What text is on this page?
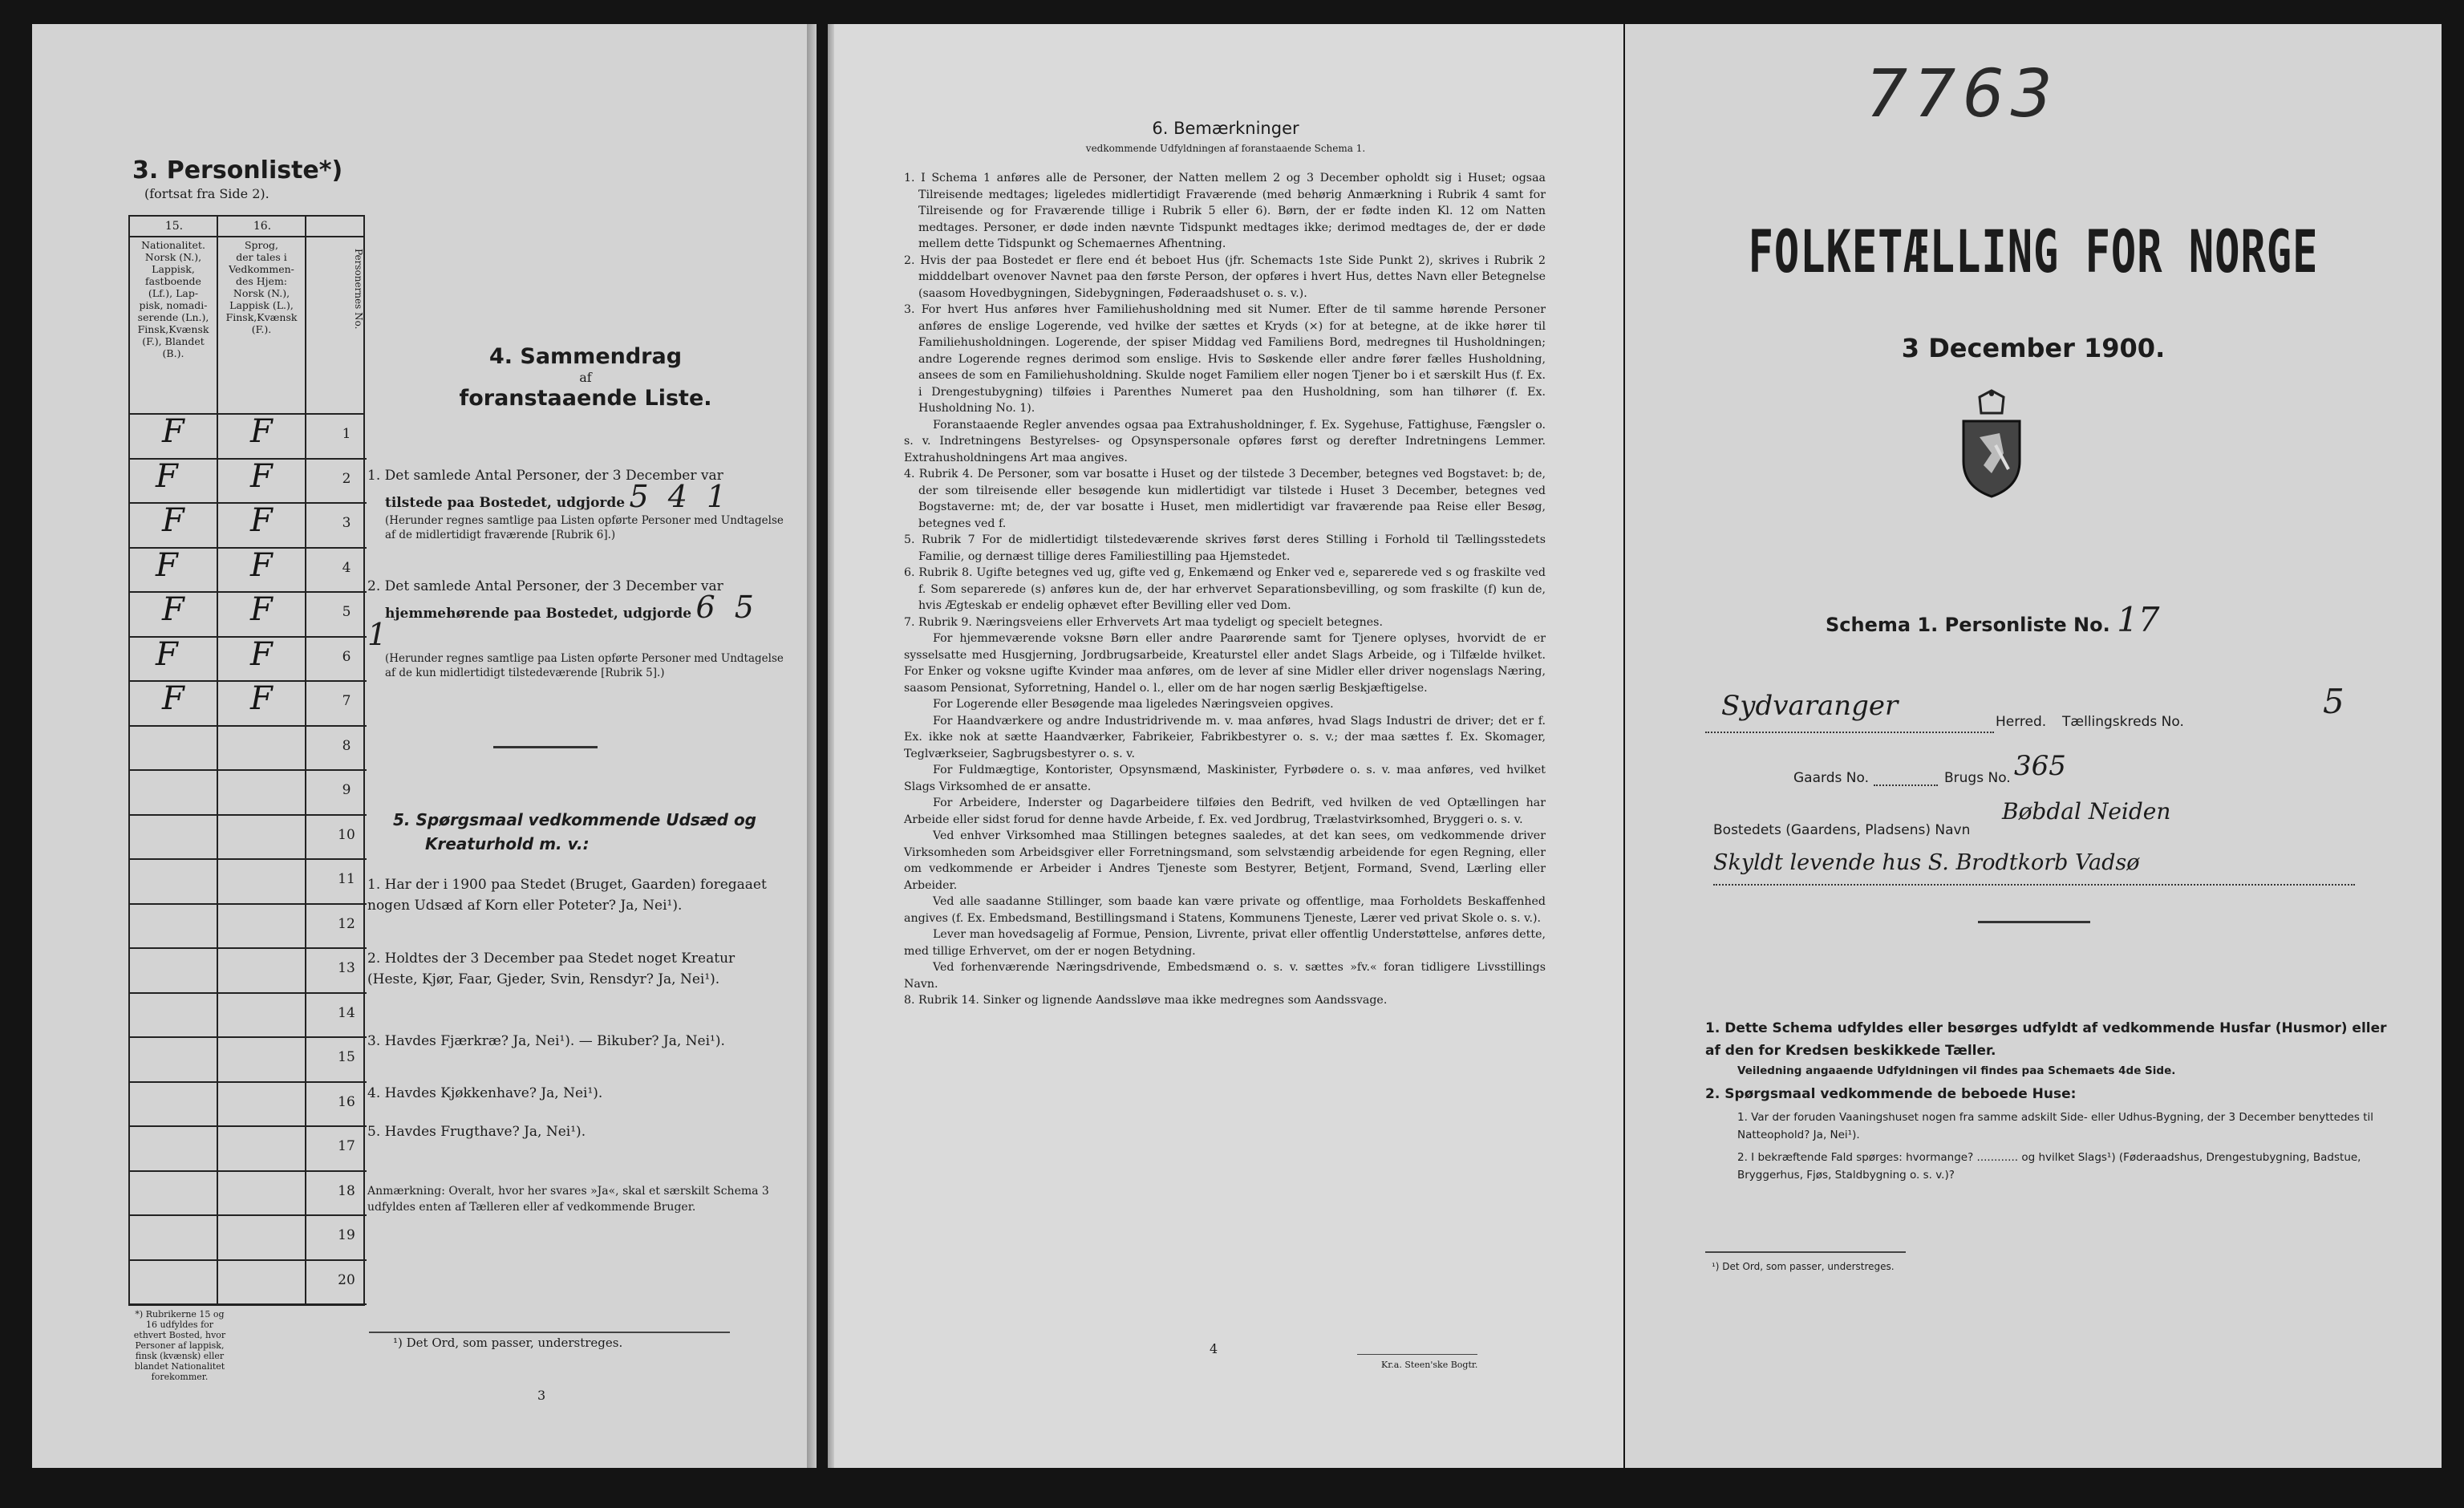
3. Personliste*)
(fortsat fra Side 2).
15.	16.
Nationalitet.
Norsk (N.),
Lappisk,
fastboende
(Lf.), Lap-
pisk, nomadi-
serende (Ln.),
Finsk,Kvænsk
(F.), Blandet
(B.).
Sprog,
der tales i
Vedkommen-
des Hjem:
Norsk (N.),
Lappisk (L.),
Finsk,Kvænsk
(F.).
Personernes No.
F F	1
F F	2
F F	3
F F	4
F F	5
F F	6
F F	7
8
9
10
11
12
13
14
15
16
17
18
19
20
*) Rubrikerne 15 og 16 udfyldes for ethvert Bosted, hvor Personer af lappisk, finsk (kvænsk) eller blandet Nationalitet forekommer.
4. Sammendrag
af
foranstaaende Liste.
1. Det samlede Antal Personer, der 3 December var
tilstede paa Bostedet, udgjorde 5 4 1
(Herunder regnes samtlige paa Listen opførte Personer med Undtagelse af de midlertidigt fraværende [Rubrik 6].)
2. Det samlede Antal Personer, der 3 December var
hjemmehørende paa Bostedet, udgjorde 6 5 1
(Herunder regnes samtlige paa Listen opførte Personer med Undtagelse af de kun midlertidigt tilstedeværende [Rubrik 5].)
5. Spørgsmaal vedkommende Udsæd og
Kreaturhold m. v.:
1. Har der i 1900 paa Stedet (Bruget, Gaarden) foregaaet nogen Udsæd af Korn eller Poteter? Ja, Nei¹).
2. Holdtes der 3 December paa Stedet noget Kreatur (Heste, Kjør, Faar, Gjeder, Svin, Rensdyr? Ja, Nei¹).
3. Havdes Fjærkræ? Ja, Nei¹). — Bikuber? Ja, Nei¹).
4. Havdes Kjøkkenhave? Ja, Nei¹).
5. Havdes Frugthave? Ja, Nei¹).
Anmærkning: Overalt, hvor her svares »Ja«, skal et særskilt Schema 3 udfyldes enten af Tælleren eller af vedkommende Bruger.
¹) Det Ord, som passer, understreges.
3
6. Bemærkninger
vedkommende Udfyldningen af foranstaaende Schema 1.

1. I Schema 1 anføres alle de Personer, der Natten mellem 2 og 3 December opholdt sig i Huset; ogsaa Tilreisende medtages; ligeledes midlertidigt Fraværende (med behørig Anmærkning i Rubrik 4 samt for Tilreisende og for Fraværende tillige i Rubrik 5 eller 6). Børn, der er fødte inden Kl. 12 om Natten medtages. Personer, er døde inden nævnte Tidspunkt medtages ikke; derimod medtages de, der er døde mellem dette Tidspunkt og Schemaernes Afhentning.

2. Hvis der paa Bostedet er flere end ét beboet Hus (jfr. Schemacts 1ste Side Punkt 2), skrives i Rubrik 2 midddelbart ovenover Navnet paa den første Person, der opføres i hvert Hus, dettes Navn eller Betegnelse (saasom Hovedbygningen, Sidebygningen, Føderaadshuset o. s. v.).

3. For hvert Hus anføres hver Familiehusholdning med sit Numer. Efter de til samme hørende Personer anføres de enslige Logerende, ved hvilke der sættes et Kryds (×) for at betegne, at de ikke hører til Familiehusholdningen. Logerende, der spiser Middag ved Familiens Bord, medregnes til Husholdningen; andre Logerende regnes derimod som enslige. Hvis to Søskende eller andre fører fælles Husholdning, ansees de som en Familiehusholdning. Skulde noget Familiem eller nogen Tjener bo i et særskilt Hus (f. Ex. i Drengestubygning) tilføies i Parenthes Numeret paa den Husholdning, som han tilhører (f. Ex. Husholdning No. 1).

Foranstaaende Regler anvendes ogsaa paa Extrahusholdninger, f. Ex. Sygehuse, Fattighuse, Fængsler o. s. v. Indretningens Bestyrelses- og Opsynspersonale opføres først og derefter Indretningens Lemmer. Extrahusholdningens Art maa angives.

4. Rubrik 4. De Personer, som var bosatte i Huset og der tilstede 3 December, betegnes ved Bogstavet: b; de, der som tilreisende eller besøgende kun midlertidigt var tilstede i Huset 3 December, betegnes ved Bogstaverne: mt; de, der var bosatte i Huset, men midlertidigt var fraværende paa Reise eller Besøg, betegnes ved f.

5. Rubrik 7 For de midlertidigt tilstedeværende skrives først deres Stilling i Forhold til Tællingsstedets Familie, og dernæst tillige deres Familiestilling paa Hjemstedet.

6. Rubrik 8. Ugifte betegnes ved ug, gifte ved g, Enkemænd og Enker ved e, separerede ved s og fraskilte ved f. Som separerede (s) anføres kun de, der har erhvervet Separationsbevilling, og som fraskilte (f) kun de, hvis Ægteskab er endelig ophævet efter Bevilling eller ved Dom.

7. Rubrik 9. Næringsveiens eller Erhvervets Art maa tydeligt og specielt betegnes.

For hjemmeværende voksne Børn eller andre Paarørende samt for Tjenere oplyses, hvorvidt de er sysselsatte med Husgjerning, Jordbrugsarbeide, Kreaturstel eller andet Slags Arbeide, og i Tilfælde hvilket. For Enker og voksne ugifte Kvinder maa anføres, om de lever af sine Midler eller driver nogenslags Næring, saasom Pensionat, Syforretning, Handel o. l., eller om de har nogen særlig Beskjæftigelse.

For Logerende eller Besøgende maa ligeledes Næringsveien opgives.

For Haandværkere og andre Industridrivende m. v. maa anføres, hvad Slags Industri de driver; det er f. Ex. ikke nok at sætte Haandværker, Fabrikeier, Fabrikbestyrer o. s. v.; der maa sættes f. Ex. Skomager, Teglværkseier, Sagbrugsbestyrer o. s. v.

For Fuldmægtige, Kontorister, Opsynsmænd, Maskinister, Fyrbødere o. s. v. maa anføres, ved hvilket Slags Virksomhed de er ansatte.

For Arbeidere, Inderster og Dagarbeidere tilføies den Bedrift, ved hvilken de ved Optællingen har Arbeide eller sidst forud for denne havde Arbeide, f. Ex. ved Jordbrug, Trælastvirksomhed, Bryggeri o. s. v.

Ved enhver Virksomhed maa Stillingen betegnes saaledes, at det kan sees, om vedkommende driver Virksomheden som Arbeidsgiver eller Forretningsmand, som selvstændig arbeidende for egen Regning, eller om vedkommende er Arbeider i Andres Tjeneste som Bestyrer, Betjent, Formand, Svend, Lærling eller Arbeider.

Ved alle saadanne Stillinger, som baade kan være private og offentlige, maa Forholdets Beskaffenhed angives (f. Ex. Embedsmand, Bestillingsmand i Statens, Kommunens Tjeneste, Lærer ved privat Skole o. s. v.).

Lever man hovedsagelig af Formue, Pension, Livrente, privat eller offentlig Understøttelse, anføres dette, med tillige Erhvervet, om der er nogen Betydning.

Ved forhenværende Næringsdrivende, Embedsmænd o. s. v. sættes »fv.« foran tidligere Livsstillings Navn.

8. Rubrik 14. Sinker og lignende Aandssløve maa ikke medregnes som Aandssvage.

4
Kr.a. Steen'ske Bogtr.
7763
FOLKETÆLLING FOR NORGE
3 December 1900.
Schema 1. Personliste No. 17
Sydvaranger	Herred. Tællingskreds No.
5
Gaards No.	Brugs No. 365
Bostedets (Gaardens, Pladsens) Navn
Bøbdal Neiden
Skyldt levende hus S. Brodtkorb Vadsø
1. Dette Schema udfyldes eller besørges udfyldt af vedkommende Husfar (Husmor) eller af den for Kredsen beskikkede Tæller.
Veiledning angaaende Udfyldningen vil findes paa Schemaets 4de Side.
2. Spørgsmaal vedkommende de beboede Huse:
1. Var der foruden Vaaningshuset nogen fra samme adskilt Side- eller Udhus-Bygning, der 3 December benyttedes til Natteophold? Ja, Nei¹).
2. I bekræftende Fald spørges: hvormange? ............ og hvilket Slags¹) (Føderaadshus, Drengestubygning, Badstue, Bryggerhus, Fjøs, Staldbygning o. s. v.)?
¹) Det Ord, som passer, understreges.
